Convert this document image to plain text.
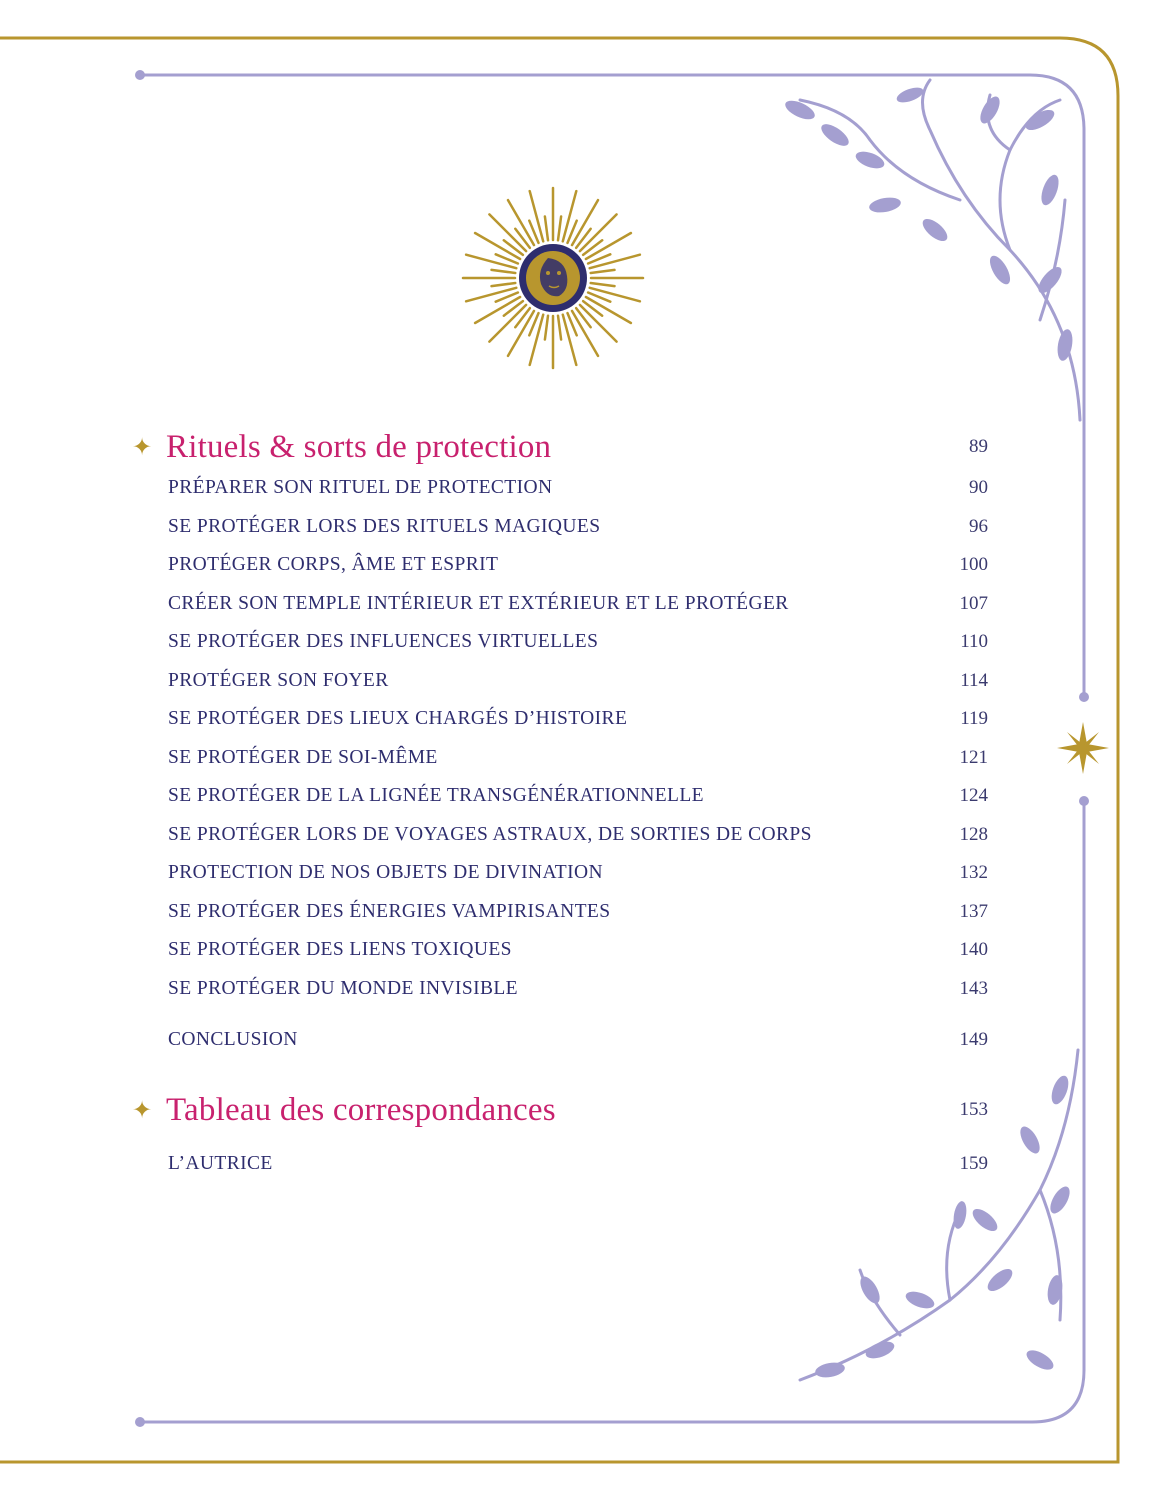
✦ Rituels & sorts de protection	89
PRÉPARER SON RITUEL DE PROTECTION	90
SE PROTÉGER LORS DES RITUELS MAGIQUES	96
PROTÉGER CORPS, ÂME ET ESPRIT	100
CRÉER SON TEMPLE INTÉRIEUR ET EXTÉRIEUR ET LE PROTÉGER	107
SE PROTÉGER DES INFLUENCES VIRTUELLES	110
PROTÉGER SON FOYER	114
SE PROTÉGER DES LIEUX CHARGÉS D’HISTOIRE	119
SE PROTÉGER DE SOI-MÊME	121
SE PROTÉGER DE LA LIGNÉE TRANSGÉNÉRATIONNELLE	124
SE PROTÉGER LORS DE VOYAGES ASTRAUX, DE SORTIES DE CORPS	128
PROTECTION DE NOS OBJETS DE DIVINATION	132
SE PROTÉGER DES ÉNERGIES VAMPIRISANTES	137
SE PROTÉGER DES LIENS TOXIQUES	140
SE PROTÉGER DU MONDE INVISIBLE	143
CONCLUSION	149
✦ Tableau des correspondances	153
L’AUTRICE	159
